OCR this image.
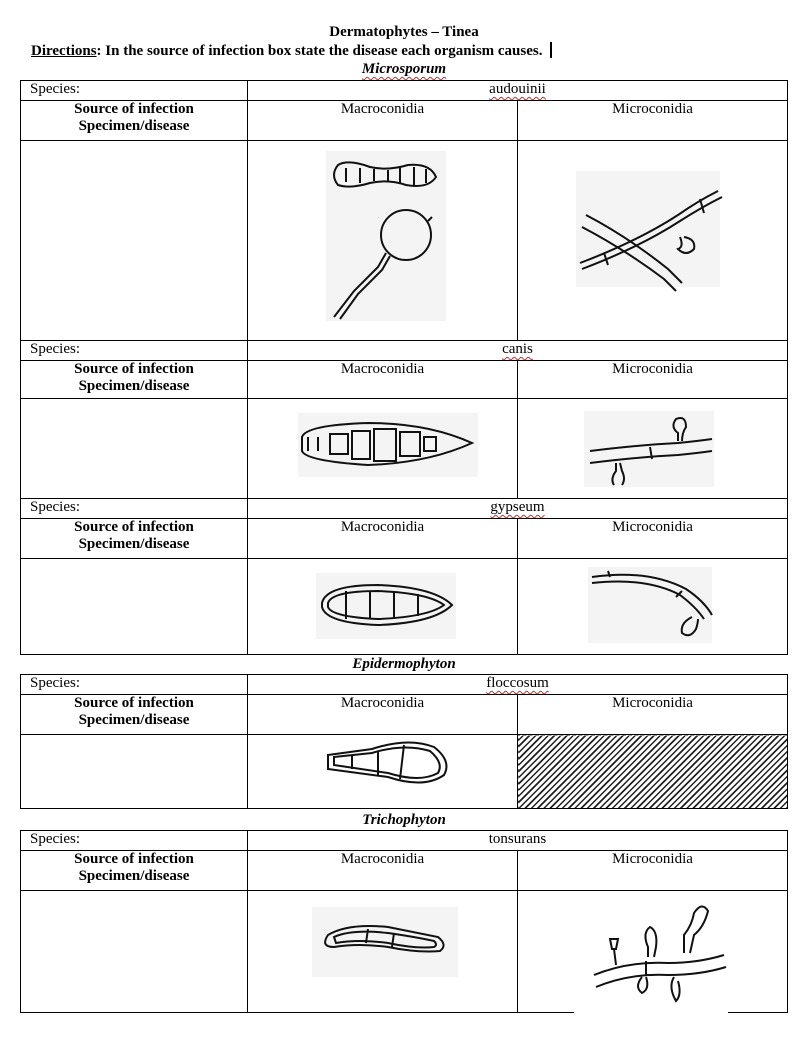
Dermatophytes – Tinea
Directions: In the source of infection box state the disease each organism causes.
Microsporum
Species:	audouinii	

Source of infection
Specimen/disease	Macroconidia	Microconidia

Species:	canis	

Source of infection
Specimen/disease	Macroconidia	Microconidia

Species:	gypseum	

Source of infection
Specimen/disease	Macroconidia	Microconidia

Epidermophyton
Species:	floccosum	

Source of infection
Specimen/disease	Macroconidia	Microconidia

Trichophyton
Species:	tonsurans	

Source of infection
Specimen/disease	Macroconidia	Microconidia
